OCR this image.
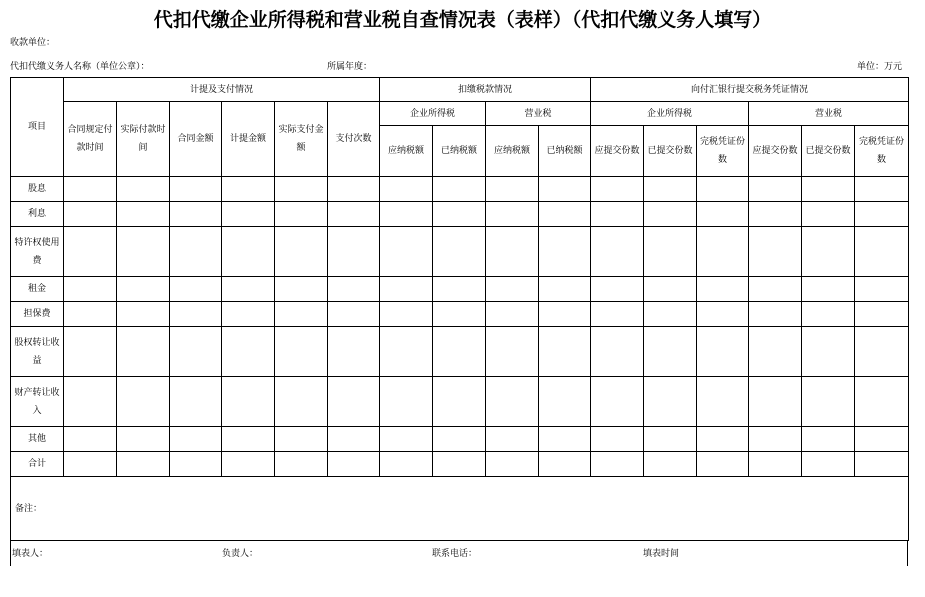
代扣代缴企业所得税和营业税自查情况表（表样）（代扣代缴义务人填写）
收款单位：
代扣代缴义务人名称（单位公章）：	所属年度：	单位：万元
项目	计提及支付情况						扣缴税款情况				向付汇银行提交税务凭证情况					
	合同规定付款时间	实际付款时间	合同金额	计提金额	实际支付金额	支付次数	企业所得税		营业税		企业所得税			营业税		
							应纳税额	已纳税额	应纳税额	已纳税额	应提交份数	已提交份数	完税凭证份数	应提交份数	已提交份数	完税凭证份数

股息																
利息																
特许权使用费																
租金																
担保费																
股权转让收益																
财产转让收入																
其他																
合计																
备注：																
填表人：	负责人：	联系电话：	填表时间
